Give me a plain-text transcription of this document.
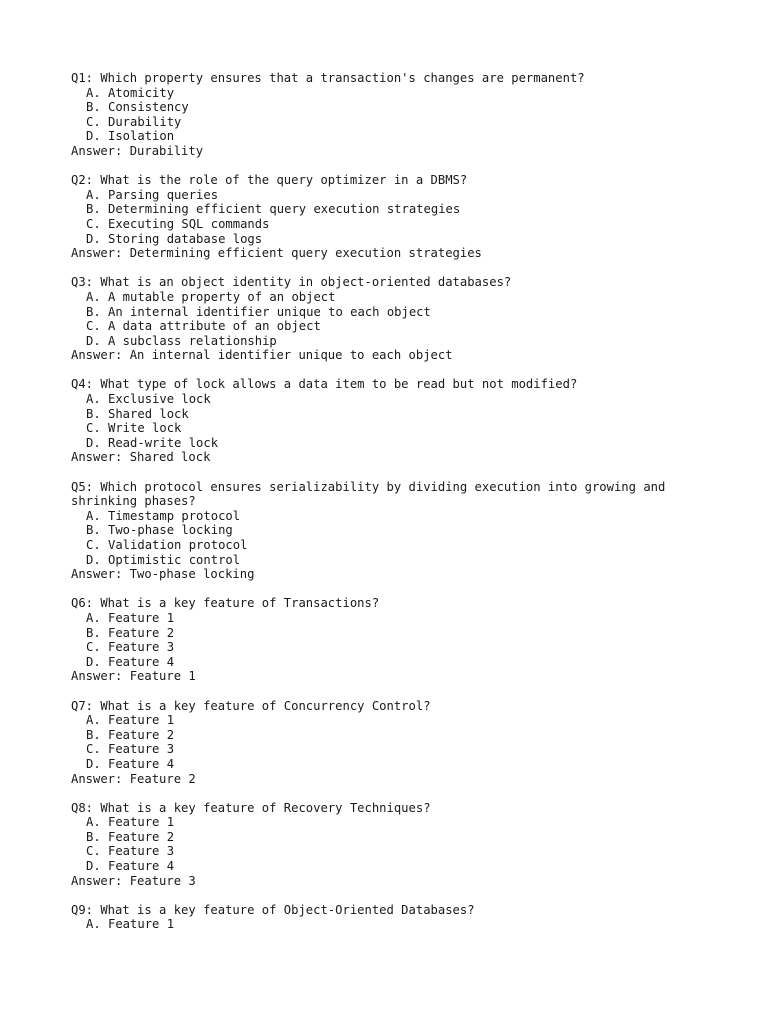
Q1: Which property ensures that a transaction's changes are permanent?
A. Atomicity
B. Consistency
C. Durability
D. Isolation
Answer: Durability
Q2: What is the role of the query optimizer in a DBMS?
A. Parsing queries
B. Determining efficient query execution strategies
C. Executing SQL commands
D. Storing database logs
Answer: Determining efficient query execution strategies
Q3: What is an object identity in object-oriented databases?
A. A mutable property of an object
B. An internal identifier unique to each object
C. A data attribute of an object
D. A subclass relationship
Answer: An internal identifier unique to each object
Q4: What type of lock allows a data item to be read but not modified?
A. Exclusive lock
B. Shared lock
C. Write lock
D. Read-write lock
Answer: Shared lock
Q5: Which protocol ensures serializability by dividing execution into growing and shrinking phases?
A. Timestamp protocol
B. Two-phase locking
C. Validation protocol
D. Optimistic control
Answer: Two-phase locking
Q6: What is a key feature of Transactions?
A. Feature 1
B. Feature 2
C. Feature 3
D. Feature 4
Answer: Feature 1
Q7: What is a key feature of Concurrency Control?
A. Feature 1
B. Feature 2
C. Feature 3
D. Feature 4
Answer: Feature 2
Q8: What is a key feature of Recovery Techniques?
A. Feature 1
B. Feature 2
C. Feature 3
D. Feature 4
Answer: Feature 3
Q9: What is a key feature of Object-Oriented Databases?
A. Feature 1
